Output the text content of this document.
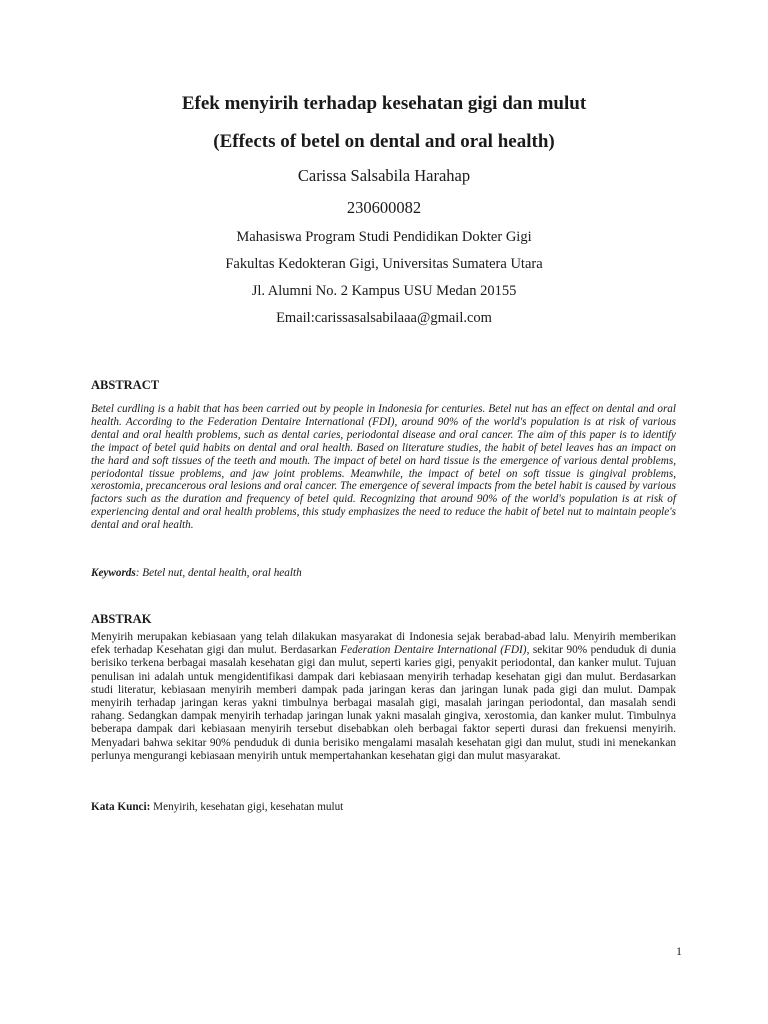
Efek menyirih terhadap kesehatan gigi dan mulut
(Effects of betel on dental and oral health)

Carissa Salsabila Harahap

230600082

Mahasiswa Program Studi Pendidikan Dokter Gigi

Fakultas Kedokteran Gigi, Universitas Sumatera Utara

Jl. Alumni No. 2 Kampus USU Medan 20155

Email:carissasalsabilaaa@gmail.com

ABSTRACT

Betel curdling is a habit that has been carried out by people in Indonesia for centuries. Betel nut has an effect on dental and oral health. According to the Federation Dentaire International (FDI), around 90% of the world's population is at risk of various dental and oral health problems, such as dental caries, periodontal disease and oral cancer. The aim of this paper is to identify the impact of betel quid habits on dental and oral health. Based on literature studies, the habit of betel leaves has an impact on the hard and soft tissues of the teeth and mouth. The impact of betel on hard tissue is the emergence of various dental problems, periodontal tissue problems, and jaw joint problems. Meanwhile, the impact of betel on soft tissue is gingival problems, xerostomia, precancerous oral lesions and oral cancer. The emergence of several impacts from the betel habit is caused by various factors such as the duration and frequency of betel quid. Recognizing that around 90% of the world's population is at risk of experiencing dental and oral health problems, this study emphasizes the need to reduce the habit of betel nut to maintain people's dental and oral health.

Keywords: Betel nut, dental health, oral health

ABSTRAK

Menyirih merupakan kebiasaan yang telah dilakukan masyarakat di Indonesia sejak berabad-abad lalu. Menyirih memberikan efek terhadap Kesehatan gigi dan mulut. Berdasarkan Federation Dentaire International (FDI), sekitar 90% penduduk di dunia berisiko terkena berbagai masalah kesehatan gigi dan mulut, seperti karies gigi, penyakit periodontal, dan kanker mulut. Tujuan penulisan ini adalah untuk mengidentifikasi dampak dari kebiasaan menyirih terhadap kesehatan gigi dan mulut. Berdasarkan studi literatur, kebiasaan menyirih memberi dampak pada jaringan keras dan jaringan lunak pada gigi dan mulut. Dampak menyirih terhadap jaringan keras yakni timbulnya berbagai masalah gigi, masalah jaringan periodontal, dan masalah sendi rahang. Sedangkan dampak menyirih terhadap jaringan lunak yakni masalah gingiva, xerostomia, dan kanker mulut. Timbulnya beberapa dampak dari kebiasaan menyirih tersebut disebabkan oleh berbagai faktor seperti durasi dan frekuensi menyirih. Menyadari bahwa sekitar 90% penduduk di dunia berisiko mengalami masalah kesehatan gigi dan mulut, studi ini menekankan perlunya mengurangi kebiasaan menyirih untuk mempertahankan kesehatan gigi dan mulut masyarakat.

Kata Kunci: Menyirih, kesehatan gigi, kesehatan mulut

1
